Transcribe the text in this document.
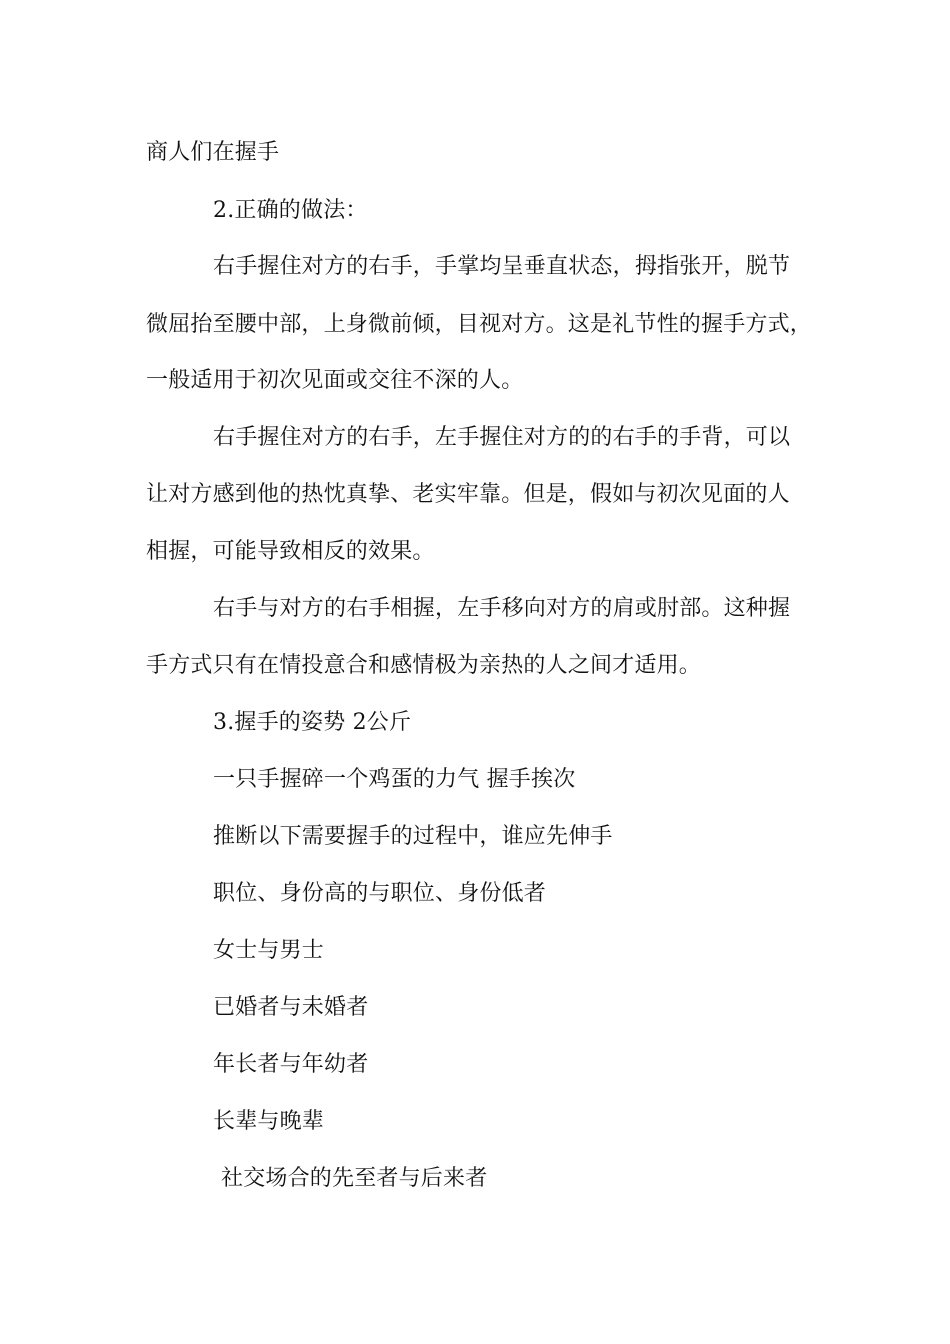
商人们在握手
2.正确的做法：
右手握住对方的右手，手掌均呈垂直状态，拇指张开，脱节
微屈抬至腰中部，上身微前倾，目视对方。这是礼节性的握手方式，
一般适用于初次见面或交往不深的人。
右手握住对方的右手，左手握住对方的的右手的手背，可以
让对方感到他的热忱真挚、老实牢靠。但是，假如与初次见面的人
相握，可能导致相反的效果。
右手与对方的右手相握，左手移向对方的肩或肘部。这种握
手方式只有在情投意合和感情极为亲热的人之间才适用。
3.握手的姿势 2公斤
一只手握碎一个鸡蛋的力气 握手挨次
推断以下需要握手的过程中，谁应先伸手
职位、身份高的与职位、身份低者
女士与男士
已婚者与未婚者
年长者与年幼者
长辈与晚辈
社交场合的先至者与后来者
